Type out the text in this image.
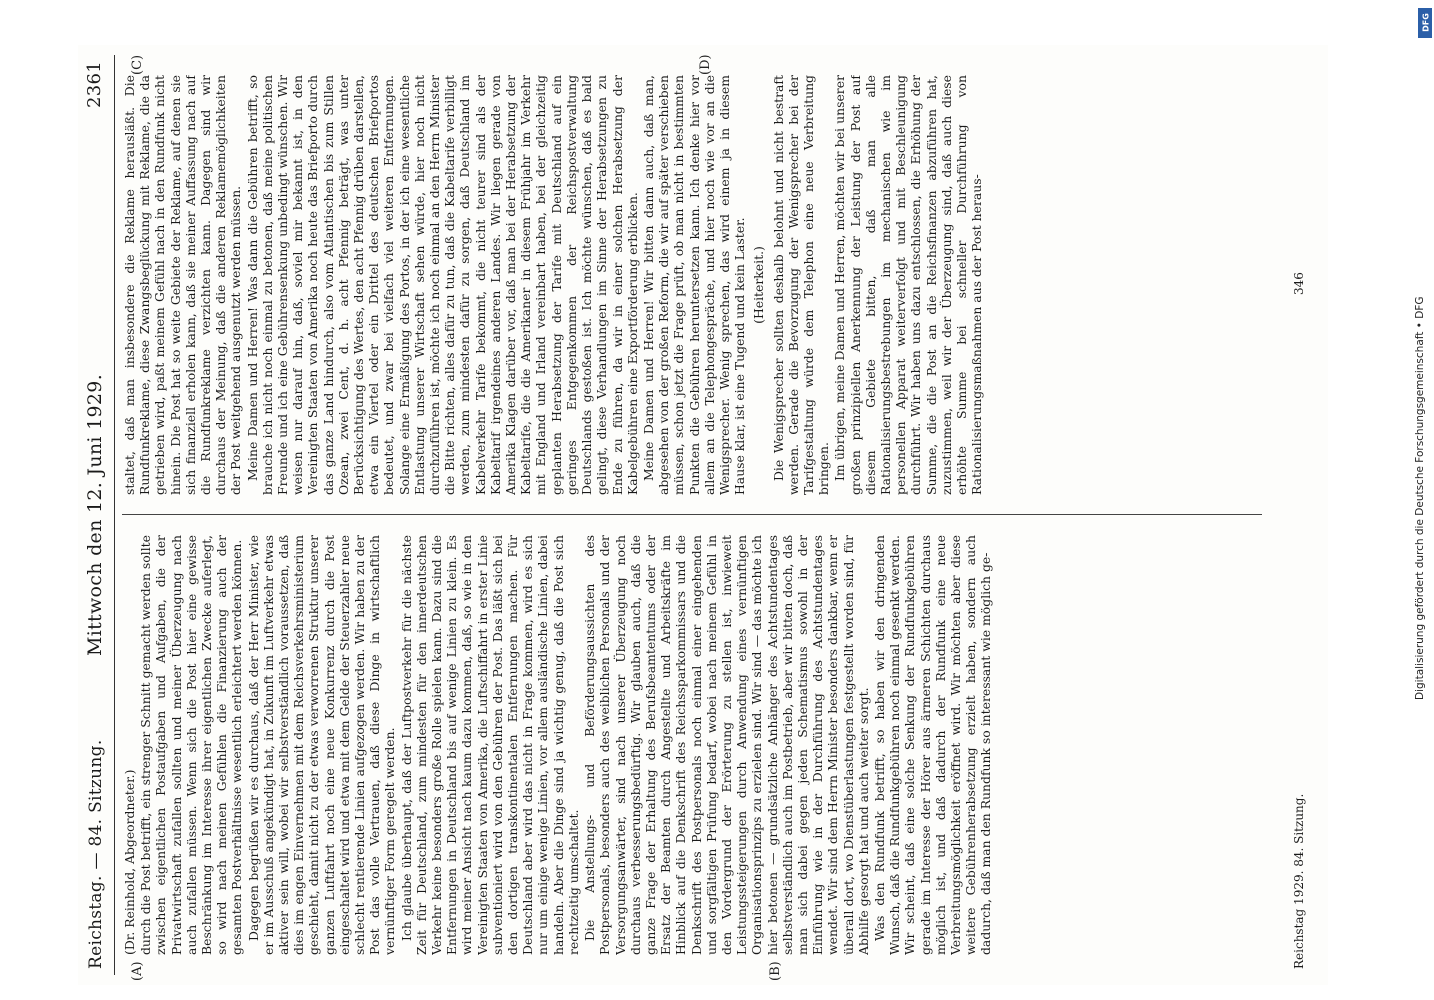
Reichstag. — 84. Sitzung.
Mittwoch den 12. Juni 1929.
2361
(A)	(B)
(C)	(D)

(Dr. Reinhold, Abgeordneter.) durch die Post betrifft, ein strenger Schnitt gemacht werden sollte zwischen eigentlichen Postaufgaben und Aufgaben, die der Privatwirtschaft zufallen sollten und meiner Überzeugung nach auch zufallen müssen. Wenn sich die Post hier eine gewisse Beschränkung im Interesse ihrer eigentlichen Zwecke auferlegt, so wird nach meinen Gefühlen die Finanzierung auch der gesamten Postverhältnisse wesentlich erleichtert werden können. Dagegen begrüßen wir es durchaus, daß der Herr Minister, wie er im Ausschuß angekündigt hat, in Zukunft im Luftverkehr etwas aktiver sein will, wobei wir selbstverständlich voraussetzen, daß dies im engen Einvernehmen mit dem Reichsverkehrsministerium geschieht, damit nicht zu der etwas verworrenen Struktur unserer ganzen Luftfahrt noch eine neue Konkurrenz durch die Post eingeschaltet wird und etwa mit dem Gelde der Steuerzahler neue schlecht rentierende Linien aufgezogen werden. Wir haben zu der Post das volle Vertrauen, daß diese Dinge in wirtschaftlich vernünftiger Form geregelt werden. Ich glaube überhaupt, daß der Luftpostverkehr für die nächste Zeit für Deutschland, zum mindesten für den innerdeutschen Verkehr keine besonders große Rolle spielen kann. Dazu sind die Entfernungen in Deutschland bis auf wenige Linien zu klein. Es wird meiner Ansicht nach kaum dazu kommen, daß, so wie in den Vereinigten Staaten von Amerika, die Luftschiffahrt in erster Linie subventioniert wird von den Gebühren der Post. Das läßt sich bei den dortigen transkontinentalen Entfernungen machen. Für Deutschland aber wird das nicht in Frage kommen, wird es sich nur um einige wenige Linien, vor allem ausländische Linien, dabei handeln. Aber die Dinge sind ja wichtig genug, daß die Post sich rechtzeitig umschaltet. Die Anstellungs- und Beförderungsaussichten des Postpersonals, besonders auch des weiblichen Personals und der Versorgungsanwärter, sind nach unserer Überzeugung noch durchaus verbesserungsbedürftig. Wir glauben auch, daß die ganze Frage der Erhaltung des Berufsbeamtentums oder der Ersatz der Beamten durch Angestellte und Arbeitskräfte im Hinblick auf die Denkschrift des Reichssparkommissars und die Denkschrift des Postpersonals noch einmal einer eingehenden und sorgfältigen Prüfung bedarf, wobei nach meinem Gefühl in den Vordergrund der Erörterung zu stellen ist, inwieweit Leistungssteigerungen durch Anwendung eines vernünftigen Organisationsprinzips zu erzielen sind. Wir sind — das möchte ich hier betonen — grundsätzliche Anhänger des Achtstundentages selbstverständlich auch im Postbetrieb, aber wir bitten doch, daß man sich dabei gegen jeden Schematismus sowohl in der Einführung wie in der Durchführung des Achtstundentages wendet. Wir sind dem Herrn Minister besonders dankbar, wenn er überall dort, wo Dienstüberlastungen festgestellt worden sind, für Abhilfe gesorgt hat und auch weiter sorgt. Was den Rundfunk betrifft, so haben wir den dringenden Wunsch, daß die Rundfunkgebühren noch einmal gesenkt werden. Wir scheint, daß eine solche Senkung der Rundfunkgebühren gerade im Interesse der Hörer aus ärmeren Schichten durchaus möglich ist, und daß dadurch der Rundfunk eine neue Verbreitungsmöglichkeit eröffnet wird. Wir möchten aber diese weitere Gebührenherabsetzung erzielt haben, sondern auch dadurch, daß man den Rundfunk so interessant wie möglich ge-

staltet, daß man insbesondere die Reklame herausläßt. Die Rundfunkreklame, diese Zwangsbeglückung mit Reklame, die da getrieben wird, paßt meinem Gefühl nach in den Rundfunk nicht hinein. Die Post hat so weite Gebiete der Reklame, auf denen sie sich finanziell erholen kann, daß sie meiner Auffassung nach auf die Rundfunkreklame verzichten kann. Dagegen sind wir durchaus der Meinung, daß die anderen Reklamemöglichkeiten der Post weitgehend ausgenutzt werden müssen. Meine Damen und Herren! Was dann die Gebühren betrifft, so brauche ich nicht noch einmal zu betonen, daß meine politischen Freunde und ich eine Gebührensenkung unbedingt wünschen. Wir weisen nur darauf hin, daß, soviel mir bekannt ist, in den Vereinigten Staaten von Amerika noch heute das Briefporto durch das ganze Land hindurch, also vom Atlantischen bis zum Stillen Ozean, zwei Cent, d. h. acht Pfennig beträgt, was unter Berücksichtigung des Wertes, den acht Pfennig drüben darstellen, etwa ein Viertel oder ein Drittel des deutschen Briefportos bedeutet, und zwar bei vielfach viel weiteren Entfernungen. Solange eine Ermäßigung des Portos, in der ich eine wesentliche Entlastung unserer Wirtschaft sehen würde, hier noch nicht durchzuführen ist, möchte ich noch einmal an den Herrn Minister die Bitte richten, alles dafür zu tun, daß die Kabeltarife verbilligt werden, zum mindesten dafür zu sorgen, daß Deutschland im Kabelverkehr Tarife bekommt, die nicht teurer sind als der Kabeltarif irgendeines anderen Landes. Wir liegen gerade von Amerika Klagen darüber vor, daß man bei der Herabsetzung der Kabeltarife, die die Amerikaner in diesem Frühjahr im Verkehr mit England und Irland vereinbart haben, bei der gleichzeitig geplanten Herabsetzung der Tarife mit Deutschland auf ein geringes Entgegenkommen der Reichspostverwaltung Deutschlands gestoßen ist. Ich möchte wünschen, daß es bald gelingt, diese Verhandlungen im Sinne der Herabsetzungen zu Ende zu führen, da wir in einer solchen Herabsetzung der Kabelgebühren eine Exportförderung erblicken. Meine Damen und Herren! Wir bitten dann auch, daß man, abgesehen von der großen Reform, die wir auf später verschieben müssen, schon jetzt die Frage prüft, ob man nicht in bestimmten Punkten die Gebühren heruntersetzen kann. Ich denke hier vor allem an die Telephongespräche, und hier noch wie vor an die Wenigsprecher. Wenig sprechen, das wird einem ja in diesem Hause klar, ist eine Tugend und kein Laster. (Heiterkeit.) Die Wenigsprecher sollten deshalb belohnt und nicht bestraft werden. Gerade die Bevorzugung der Wenigsprecher bei der Tarifgestaltung würde dem Telephon eine neue Verbreitung bringen. Im übrigen, meine Damen und Herren, möchten wir bei unserer großen prinzipiellen Anerkennung der Leistung der Post auf diesem Gebiete bitten, daß man alle Rationalisierungsbestrebungen im mechanischen wie im personellen Apparat weiterverfolgt und mit Beschleunigung durchführt. Wir haben uns dazu entschlossen, die Erhöhung der Summe, die die Post an die Reichsfinanzen abzuführen hat, zuzustimmen, weil wir der Überzeugung sind, daß auch diese erhöhte Summe bei schneller Durchführung von Rationalisierungsmaßnahmen aus der Post heraus-

Reichstag 1929. 84. Sitzung.
346
Digitalisierung gefördert durch die Deutsche Forschungsgemeinschaft • DFG
DFG
